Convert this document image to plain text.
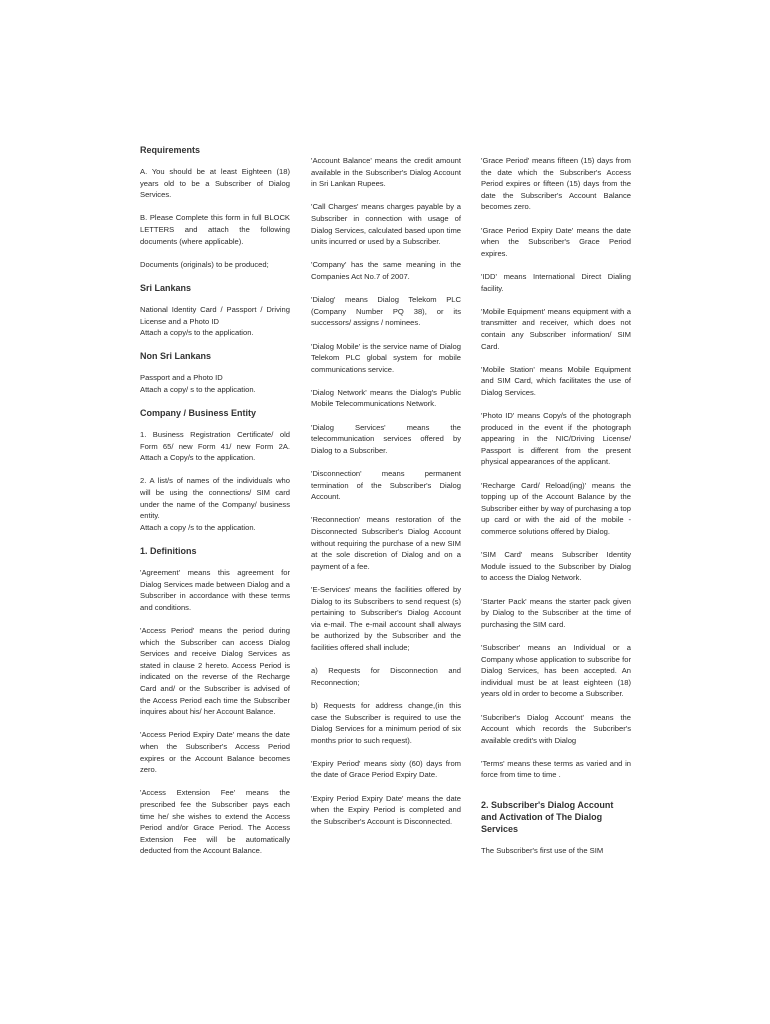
Requirements

A. You should be at least Eighteen (18) years old to be a Subscriber of Dialog Services.

B. Please Complete this form in full BLOCK LETTERS and attach the following documents (where applicable).

Documents (originals) to be produced;

Sri Lankans

National Identity Card / Passport / Driving License and a Photo ID

Attach a copy/s to the application.

Non Sri Lankans

Passport and a Photo ID

Attach a copy/ s to the application.

Company / Business Entity

1. Business Registration Certificate/ old Form 65/ new Form 41/ new Form 2A. Attach a Copy/s to the application.

2. A list/s of names of the individuals who will be using the connections/ SIM card under the name of the Company/ business entity.

Attach a copy /s to the application.

1. Definitions

'Agreement' means this agreement for Dialog Services made between Dialog and a Subscriber in accordance with these terms and conditions.

'Access Period' means the period during which the Subscriber can access Dialog Services and receive Dialog Services as stated in clause 2 hereto. Access Period is indicated on the reverse of the Recharge Card and/ or the Subscriber is advised of the Access Period each time the Subscriber inquires about his/ her Account Balance.

'Access Period Expiry Date' means the date when the Subscriber's Access Period expires or the Account Balance becomes zero.

'Access Extension Fee' means the prescribed fee the Subscriber pays each time he/ she wishes to extend the Access Period and/or Grace Period. The Access Extension Fee will be automatically deducted from the Account Balance.

'Account Balance' means the credit amount available in the Subscriber's Dialog Account in Sri Lankan Rupees.

'Call Charges' means charges payable by a Subscriber in connection with usage of Dialog Services, calculated based upon time units incurred or used by a Subscriber.

'Company' has the same meaning in the Companies Act No.7 of 2007.

'Dialog' means Dialog Telekom PLC (Company Number PQ 38), or its successors/ assigns / nominees.

'Dialog Mobile' is the service name of Dialog Telekom PLC global system for mobile communications service.

'Dialog Network' means the Dialog's Public Mobile Telecommunications Network.

'Dialog Services' means the telecommunication services offered by Dialog to a Subscriber.

'Disconnection' means permanent termination of the Subscriber's Dialog Account.

'Reconnection' means restoration of the Disconnected Subscriber's Dialog Account without requiring the purchase of a new SIM at the sole discretion of Dialog and on a payment of a fee.

'E-Services' means the facilities offered by Dialog to its Subscribers to send request (s) pertaining to Subscriber's Dialog Account via e-mail. The e-mail account shall always be authorized by the Subscriber and the facilities offered shall include;

a) Requests for Disconnection and Reconnection;

b) Requests for address change,(in this case the Subscriber is required to use the Dialog Services for a minimum period of six months prior to such request).

'Expiry Period' means sixty (60) days from the date of Grace Period Expiry Date.

'Expiry Period Expiry Date' means the date when the Expiry Period is completed and the Subscriber's Account is Disconnected.

'Grace Period' means fifteen (15) days from the date which the Subscriber's Access Period expires or fifteen (15) days from the date the Subscriber's Account Balance becomes zero.

'Grace Period Expiry Date' means the date when the Subscriber's Grace Period expires.

'IDD' means International Direct Dialing facility.

'Mobile Equipment' means equipment with a transmitter and receiver, which does not contain any Subscriber information/ SIM Card.

'Mobile Station' means Mobile Equipment and SIM Card, which facilitates the use of Dialog Services.

'Photo ID' means Copy/s of the photograph produced in the event if the photograph appearing in the NIC/Driving License/ Passport is different from the present physical appearances of the applicant.

'Recharge Card/ Reload(ing)' means the topping up of the Account Balance by the Subscriber either by way of purchasing a top up card or with the aid of the mobile - commerce solutions offered by Dialog.

'SIM Card' means Subscriber Identity Module issued to the Subscriber by Dialog to access the Dialog Network.

'Starter Pack' means the starter pack given by Dialog to the Subscriber at the time of purchasing the SIM card.

'Subscriber' means an Individual or a Company whose application to subscribe for Dialog Services, has been accepted. An individual must be at least eighteen (18) years old in order to become a Subscriber.

'Subcriber's Dialog Account' means the Account which records the Subcriber's available credit's with Dialog

'Terms' means these terms as varied and in force from time to time .

2. Subscriber's Dialog Account and Activation of The Dialog Services

The Subscriber's first use of the SIM
